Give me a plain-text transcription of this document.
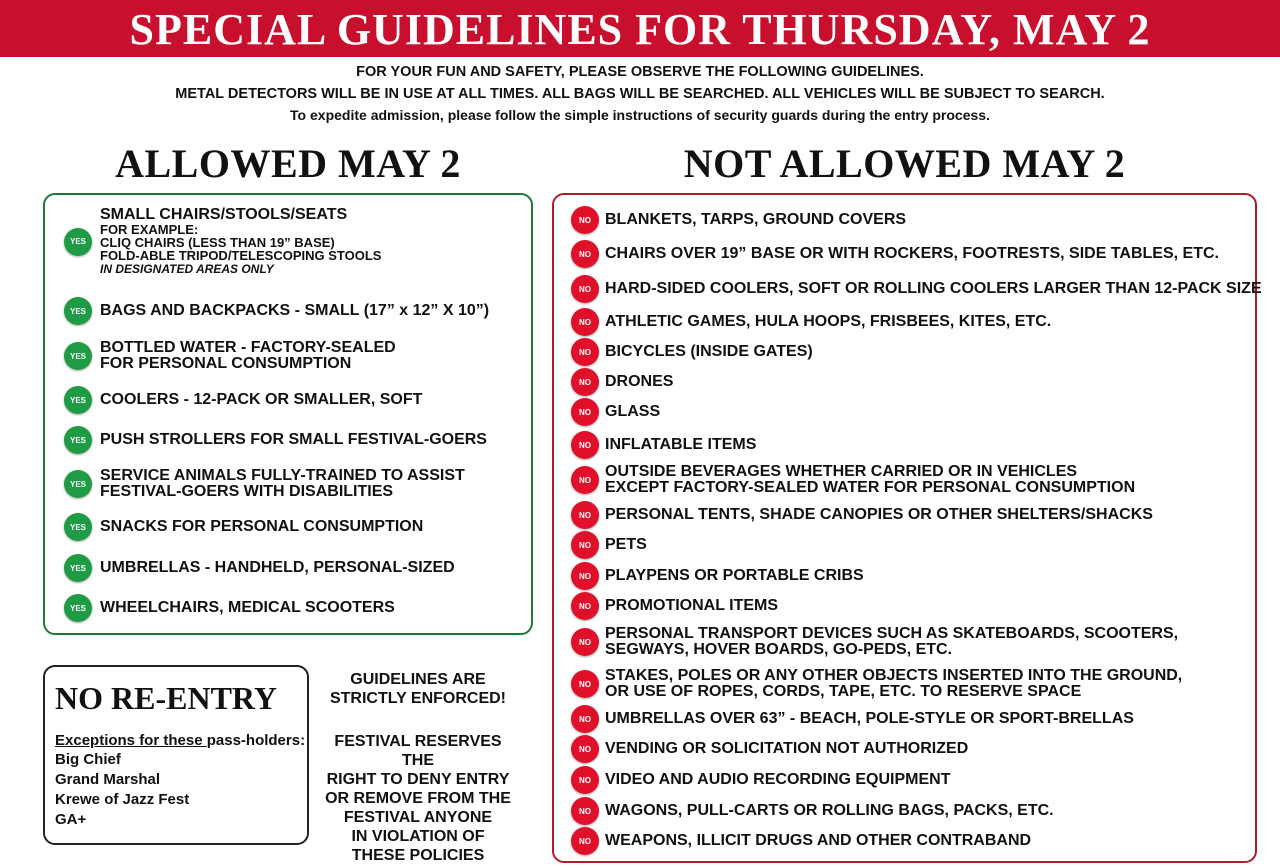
SPECIAL GUIDELINES FOR THURSDAY, MAY 2
FOR YOUR FUN AND SAFETY, PLEASE OBSERVE THE FOLLOWING GUIDELINES.
METAL DETECTORS WILL BE IN USE AT ALL TIMES. ALL BAGS WILL BE SEARCHED. ALL VEHICLES WILL BE SUBJECT TO SEARCH.
To expedite admission, please follow the simple instructions of security guards during the entry process.
ALLOWED MAY 2	NOT ALLOWED MAY 2
YES
SMALL CHAIRS/STOOLS/SEATS
FOR EXAMPLE:
CLIQ CHAIRS (LESS THAN 19” BASE)
FOLD-ABLE TRIPOD/TELESCOPING STOOLS
IN DESIGNATED AREAS ONLY
YES BAGS AND BACKPACKS - SMALL (17” x 12” X 10”)
YES BOTTLED WATER - FACTORY-SEALED
FOR PERSONAL CONSUMPTION
YES COOLERS - 12-PACK OR SMALLER, SOFT
YES PUSH STROLLERS FOR SMALL FESTIVAL-GOERS
YES SERVICE ANIMALS FULLY-TRAINED TO ASSIST
FESTIVAL-GOERS WITH DISABILITIES
YES SNACKS FOR PERSONAL CONSUMPTION
YES UMBRELLAS - HANDHELD, PERSONAL-SIZED
YES WHEELCHAIRS, MEDICAL SCOOTERS
NO BLANKETS, TARPS, GROUND COVERS
NO CHAIRS OVER 19” BASE OR WITH ROCKERS, FOOTRESTS, SIDE TABLES, ETC.
NO HARD-SIDED COOLERS, SOFT OR ROLLING COOLERS LARGER THAN 12-PACK SIZE
NO ATHLETIC GAMES, HULA HOOPS, FRISBEES, KITES, ETC.
NO BICYCLES (INSIDE GATES)
NO DRONES
NO GLASS
NO INFLATABLE ITEMS
NO OUTSIDE BEVERAGES WHETHER CARRIED OR IN VEHICLES
EXCEPT FACTORY-SEALED WATER FOR PERSONAL CONSUMPTION
NO PERSONAL TENTS, SHADE CANOPIES OR OTHER SHELTERS/SHACKS
NO PETS
NO PLAYPENS OR PORTABLE CRIBS
NO PROMOTIONAL ITEMS
NO PERSONAL TRANSPORT DEVICES SUCH AS SKATEBOARDS, SCOOTERS,
SEGWAYS, HOVER BOARDS, GO-PEDS, ETC.
NO STAKES, POLES OR ANY OTHER OBJECTS INSERTED INTO THE GROUND,
OR USE OF ROPES, CORDS, TAPE, ETC. TO RESERVE SPACE
NO UMBRELLAS OVER 63” - BEACH, POLE-STYLE OR SPORT-BRELLAS
NO VENDING OR SOLICITATION NOT AUTHORIZED
NO VIDEO AND AUDIO RECORDING EQUIPMENT
NO WAGONS, PULL-CARTS OR ROLLING BAGS, PACKS, ETC.
NO WEAPONS, ILLICIT DRUGS AND OTHER CONTRABAND
NO RE-ENTRY
Exceptions for these pass-holders:
Big Chief
Grand Marshal
Krewe of Jazz Fest
GA+
GUIDELINES ARE
STRICTLY ENFORCED!
FESTIVAL RESERVES THE
RIGHT TO DENY ENTRY
OR REMOVE FROM THE
FESTIVAL ANYONE
IN VIOLATION OF
THESE POLICIES
